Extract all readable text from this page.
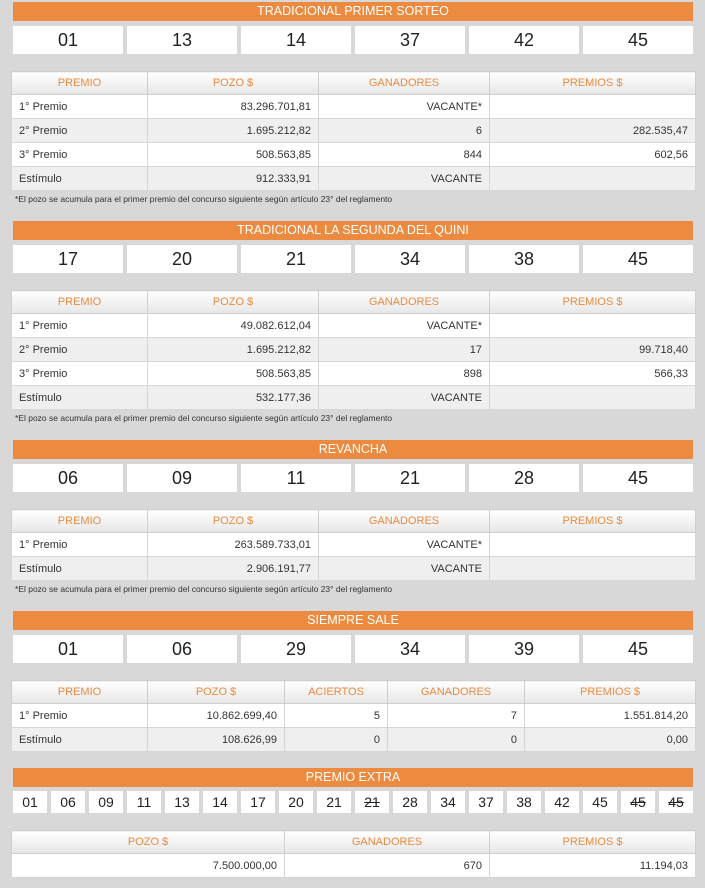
TRADICIONAL PRIMER SORTEO
01	13	14	37	42	45
PREMIO	POZO $	GANADORES	PREMIOS $
1° Premio	83.296.701,81	VACANTE*	
2° Premio	1.695.212,82	6	282.535,47
3° Premio	508.563,85	844	602,56
Estímulo	912.333,91	VACANTE	
*El pozo se acumula para el primer premio del concurso siguiente según artículo 23° del reglamento
TRADICIONAL LA SEGUNDA DEL QUINI
17	20	21	34	38	45
PREMIO	POZO $	GANADORES	PREMIOS $
1° Premio	49.082.612,04	VACANTE*	
2° Premio	1.695.212,82	17	99.718,40
3° Premio	508.563,85	898	566,33
Estímulo	532.177,36	VACANTE	
*El pozo se acumula para el primer premio del concurso siguiente según artículo 23° del reglamento
REVANCHA
06	09	11	21	28	45
PREMIO	POZO $	GANADORES	PREMIOS $
1° Premio	263.589.733,01	VACANTE*	
Estímulo	2.906.191,77	VACANTE	
*El pozo se acumula para el primer premio del concurso siguiente según artículo 23° del reglamento
SIEMPRE SALE
01	06	29	34	39	45
PREMIO	POZO $	ACIERTOS	GANADORES	PREMIOS $
1° Premio	10.862.699,40	5	7	1.551.814,20
Estímulo	108.626,99	0	0	0,00
PREMIO EXTRA
01	06	09	11	13	14	17	20	21	21	28	34	37	38	42	45	45	45
POZO $	GANADORES	PREMIOS $
7.500.000,00	670	11.194,03
